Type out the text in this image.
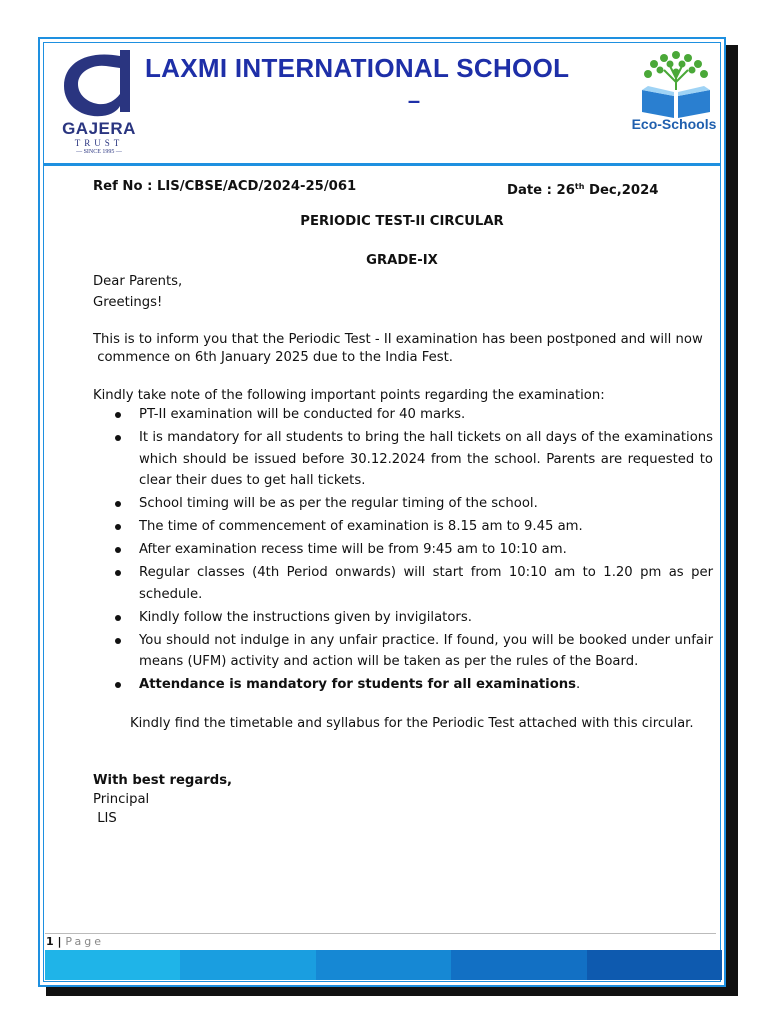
GAJERA
TRUST
— SINCE 1995 —
LAXMI INTERNATIONAL SCHOOL
–
Eco-Schools
Ref No : LIS/CBSE/ACD/2024-25/061	Date : 26th Dec,2024
PERIODIC TEST-II CIRCULAR
GRADE-IX
Dear Parents,
Greetings!
This is to inform you that the Periodic Test - II examination has been postponed and will now
commence on 6th January 2025 due to the India Fest.
Kindly take note of the following important points regarding the examination:
PT-II examination will be conducted for 40 marks.
It is mandatory for all students to bring the hall tickets on all days of the examinations which should be issued before 30.12.2024 from the school. Parents are requested to clear their dues to get hall tickets.
School timing will be as per the regular timing of the school.
The time of commencement of examination is 8.15 am to 9.45 am.
After examination recess time will be from 9:45 am to 10:10 am.
Regular classes (4th Period onwards) will start from 10:10 am to 1.20 pm as per schedule.
Kindly follow the instructions given by invigilators.
You should not indulge in any unfair practice. If found, you will be booked under unfair means (UFM) activity and action will be taken as per the rules of the Board.
Attendance is mandatory for students for all examinations.
Kindly find the timetable and syllabus for the Periodic Test attached with this circular.
With best regards,
Principal
LIS
1 | Page
